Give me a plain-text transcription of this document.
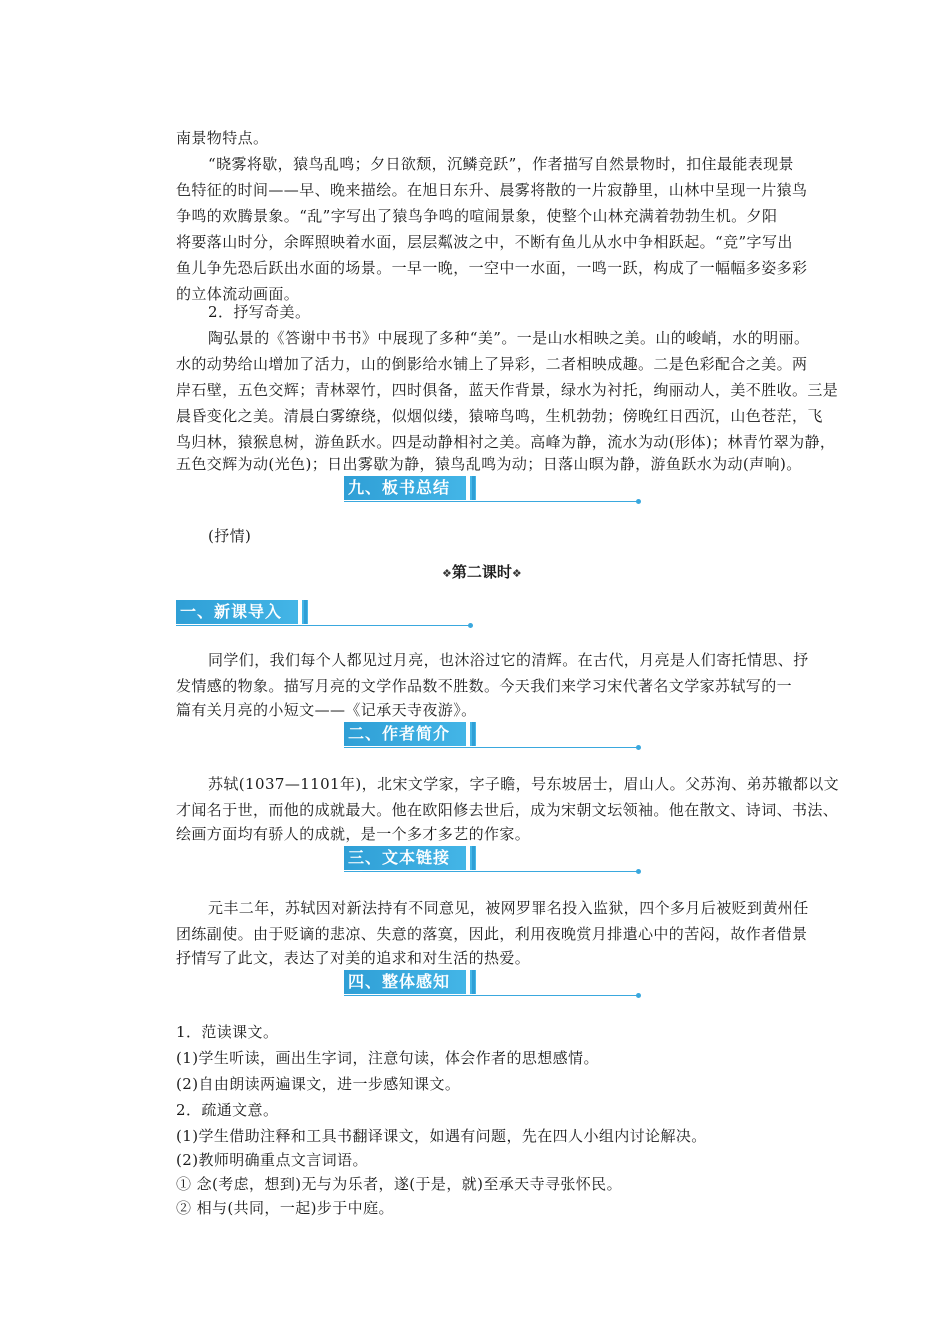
南景物特点。
“晓雾将歇，猿鸟乱鸣；夕日欲颓，沉鳞竞跃”，作者描写自然景物时，扣住最能表现景
色特征的时间——早、晚来描绘。在旭日东升、晨雾将散的一片寂静里，山林中呈现一片猿鸟
争鸣的欢腾景象。“乱”字写出了猿鸟争鸣的喧闹景象，使整个山林充满着勃勃生机。夕阳
将要落山时分，余晖照映着水面，层层粼波之中，不断有鱼儿从水中争相跃起。“竞”字写出
鱼儿争先恐后跃出水面的场景。一早一晚，一空中一水面，一鸣一跃，构成了一幅幅多姿多彩
的立体流动画面。
2．抒写奇美。
陶弘景的《答谢中书书》中展现了多种“美”。一是山水相映之美。山的峻峭，水的明丽。
水的动势给山增加了活力，山的倒影给水铺上了异彩，二者相映成趣。二是色彩配合之美。两
岸石壁，五色交辉；青林翠竹，四时俱备，蓝天作背景，绿水为衬托，绚丽动人，美不胜收。三是
晨昏变化之美。清晨白雾缭绕，似烟似缕，猿啼鸟鸣，生机勃勃；傍晚红日西沉，山色苍茫，飞
鸟归林，猿猴息树，游鱼跃水。四是动静相衬之美。高峰为静，流水为动(形体)；林青竹翠为静，
五色交辉为动(光色)；日出雾歇为静，猿鸟乱鸣为动；日落山暝为静，游鱼跃水为动(声响)。
九、板书总结
(抒情)
❖第二课时❖
一、新课导入
同学们，我们每个人都见过月亮，也沐浴过它的清辉。在古代，月亮是人们寄托情思、抒
发情感的物象。描写月亮的文学作品数不胜数。今天我们来学习宋代著名文学家苏轼写的一
篇有关月亮的小短文——《记承天寺夜游》。
二、作者简介
苏轼(1037—1101年)，北宋文学家，字子瞻，号东坡居士，眉山人。父苏洵、弟苏辙都以文
才闻名于世，而他的成就最大。他在欧阳修去世后，成为宋朝文坛领袖。他在散文、诗词、书法、
绘画方面均有骄人的成就，是一个多才多艺的作家。
三、文本链接
元丰二年，苏轼因对新法持有不同意见，被网罗罪名投入监狱，四个多月后被贬到黄州任
团练副使。由于贬谪的悲凉、失意的落寞，因此，利用夜晚赏月排遣心中的苦闷，故作者借景
抒情写了此文，表达了对美的追求和对生活的热爱。
四、整体感知
1．范读课文。
(1)学生听读，画出生字词，注意句读，体会作者的思想感情。
(2)自由朗读两遍课文，进一步感知课文。
2．疏通文意。
(1)学生借助注释和工具书翻译课文，如遇有问题，先在四人小组内讨论解决。
(2)教师明确重点文言词语。
① 念(考虑，想到)无与为乐者，遂(于是，就)至承天寺寻张怀民。
② 相与(共同，一起)步于中庭。
